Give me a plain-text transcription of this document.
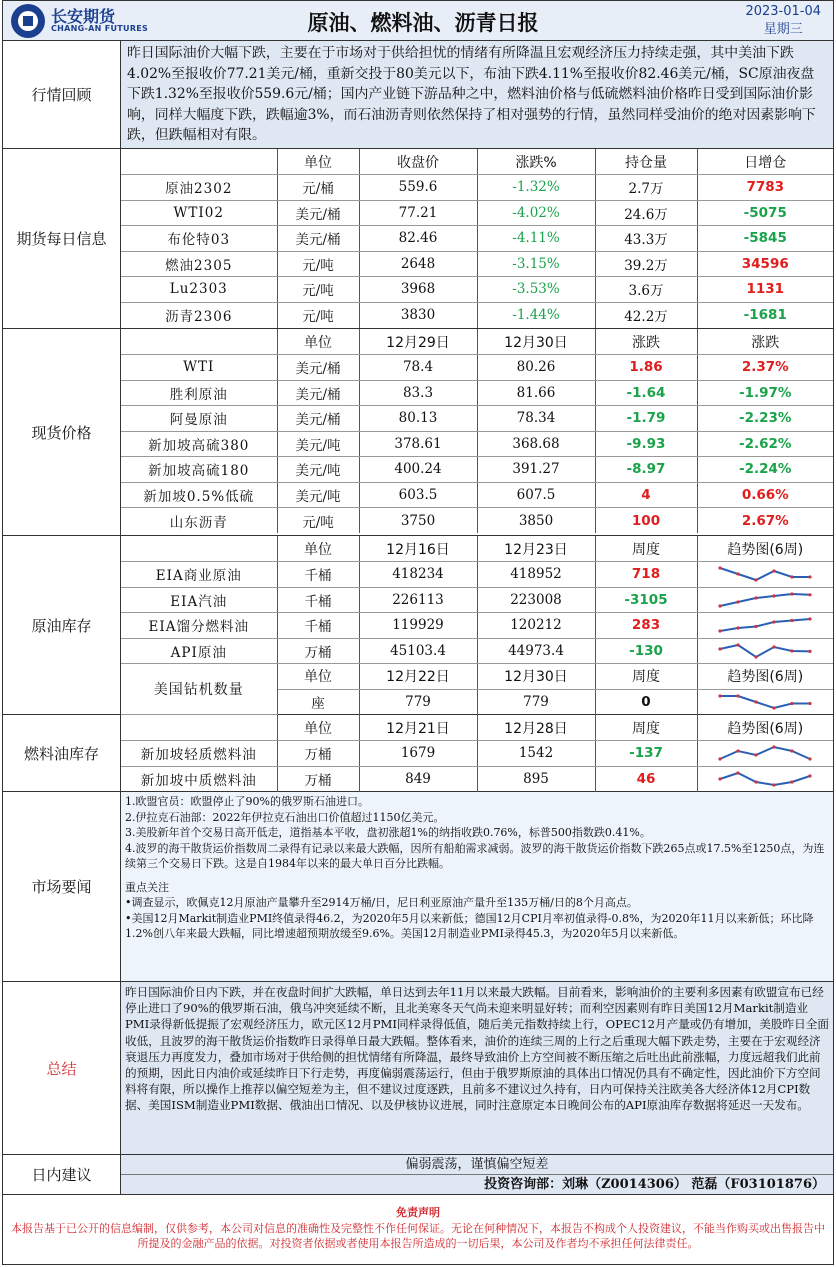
长安期货
CHANG-AN FUTURES	原油、燃料油、沥青日报	2023-01-04
星期三
行情回顾
昨日国际油价大幅下跌，主要在于市场对于供给担忧的情绪有所降温且宏观经济压力持续走强，其中美油下跌4.02%至报收价77.21美元/桶，重新交投于80美元以下，布油下跌4.11%至报收价82.46美元/桶，SC原油夜盘下跌1.32%至报收价559.6元/桶；国内产业链下游品种之中，燃料油价格与低硫燃料油价格昨日受到国际油价影响，同样大幅度下跌，跌幅逾3%，而石油沥青则依然保持了相对强势的行情，虽然同样受油价的绝对因素影响下跌，但跌幅相对有限。
期货每日信息
	单位	收盘价	涨跌%	持仓量	日增仓
原油2302	元/桶	559.6	-1.32%	2.7万	7783
WTI02	美元/桶	77.21	-4.02%	24.6万	-5075
布伦特03	美元/桶	82.46	-4.11%	43.3万	-5845
燃油2305	元/吨	2648	-3.15%	39.2万	34596
Lu2303	元/吨	3968	-3.53%	3.6万	1131
沥青2306	元/吨	3830	-1.44%	42.2万	-1681
现货价格
	单位	12月29日	12月30日	涨跌	涨跌
WTI	美元/桶	78.4	80.26	1.86	2.37%
胜利原油	美元/桶	83.3	81.66	-1.64	-1.97%
阿曼原油	美元/桶	80.13	78.34	-1.79	-2.23%
新加坡高硫380	美元/吨	378.61	368.68	-9.93	-2.62%
新加坡高硫180	美元/吨	400.24	391.27	-8.97	-2.24%
新加坡0.5%低硫	美元/吨	603.5	607.5	4	0.66%
山东沥青	元/吨	3750	3850	100	2.67%
原油库存
	单位	12月16日	12月23日	周度	趋势图(6周)
EIA商业原油	千桶	418234	418952	718	

EIA汽油	千桶	226113	223008	-3105	

EIA馏分燃料油	千桶	119929	120212	283	

API原油	万桶	45103.4	44973.4	-130	

美国钻机数量	单位	12月22日	12月30日	周度	趋势图(6周)
	座	779	779	0	
燃料油库存
	单位	12月21日	12月28日	周度	趋势图(6周)
新加坡轻质燃料油	万桶	1679	1542	-137	

新加坡中质燃料油	万桶	849	895	46	
市场要闻
1.欧盟官员：欧盟停止了90%的俄罗斯石油进口。
2.伊拉克石油部：2022年伊拉克石油出口价值超过1150亿美元。
3.美股新年首个交易日高开低走，道指基本平收，盘初涨超1%的纳指收跌0.76%，标普500指数跌0.41%。
4.波罗的海干散货运价指数周二录得有记录以来最大跌幅，因所有船舶需求减弱。波罗的海干散货运价指数下跌265点或17.5%至1250点，为连续第三个交易日下跌。这是自1984年以来的最大单日百分比跌幅。
重点关注
•调查显示，欧佩克12月原油产量攀升至2914万桶/日，尼日利亚原油产量升至135万桶/日的8个月高点。
•美国12月Markit制造业PMI终值录得46.2，为2020年5月以来新低；德国12月CPI月率初值录得-0.8%，为2020年11月以来新低；环比降1.2%创八年来最大跌幅，同比增速超预期放缓至9.6%。美国12月制造业PMI录得45.3，为2020年5月以来新低。
总结
昨日国际油价日内下跌，并在夜盘时间扩大跌幅，单日达到去年11月以来最大跌幅。目前看来，影响油价的主要利多因素有欧盟宣布已经停止进口了90%的俄罗斯石油，俄乌冲突延续不断，且北美寒冬天气尚未迎来明显好转；而利空因素则有昨日美国12月Markit制造业PMI录得新低提振了宏观经济压力，欧元区12月PMI同样录得低值，随后美元指数持续上行，OPEC12月产量或仍有增加，美股昨日全面收低，且波罗的海干散货运价指数昨日录得单日最大跌幅。整体看来，油价的连续三周的上行之后重现大幅下跌走势，主要在于宏观经济衰退压力再度发力，叠加市场对于供给侧的担忧情绪有所降温，最终导致油价上方空间被不断压缩之后吐出此前涨幅，力度远超我们此前的预期，因此日内油价或延续昨日下行走势，再度偏弱震荡运行，但由于俄罗斯原油的具体出口情况仍具有不确定性，因此油价下方空间料将有限，所以操作上推荐以偏空短差为主，但不建议过度逐跌，且前多不建议过久持有，日内可保持关注欧美各大经济体12月CPI数据、美国ISM制造业PMI数据、俄油出口情况、以及伊核协议进展，同时注意原定本日晚间公布的API原油库存数据将延迟一天发布。
日内建议
偏弱震荡，谨慎偏空短差
投资咨询部：刘琳（Z0014306） 范磊（F03101876）
免责声明
本报告基于已公开的信息编制，仅供参考，本公司对信息的准确性及完整性不作任何保证。无论在何种情况下，本报告不构成个人投资建议，不能当作购买或出售报告中所提及的金融产品的依据。对投资者依据或者使用本报告所造成的一切后果，本公司及作者均不承担任何法律责任。
